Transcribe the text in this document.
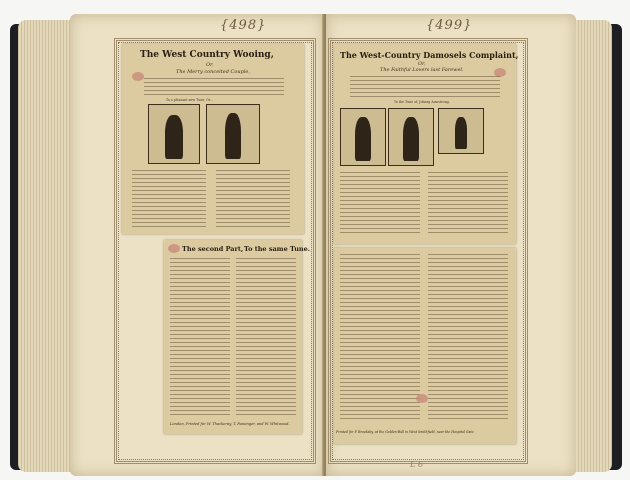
{498}
The West Country Wooing,
Or,
The Merry conceited Couple,
To a pleasant new Tune, Or...
The second Part, To the same Tune.
London, Printed for W. Thackeray, T. Passinger, and W. Whitwood.
{499}
The West-Country Damosels Complaint,
Or,
The Faithful Lovers last Farewel.
To the Tune of, Johnny Armstrong.
Printed for P. Brooksby, at the Golden-Ball in West Smithfield, near the Hospital Gate.
L 6
